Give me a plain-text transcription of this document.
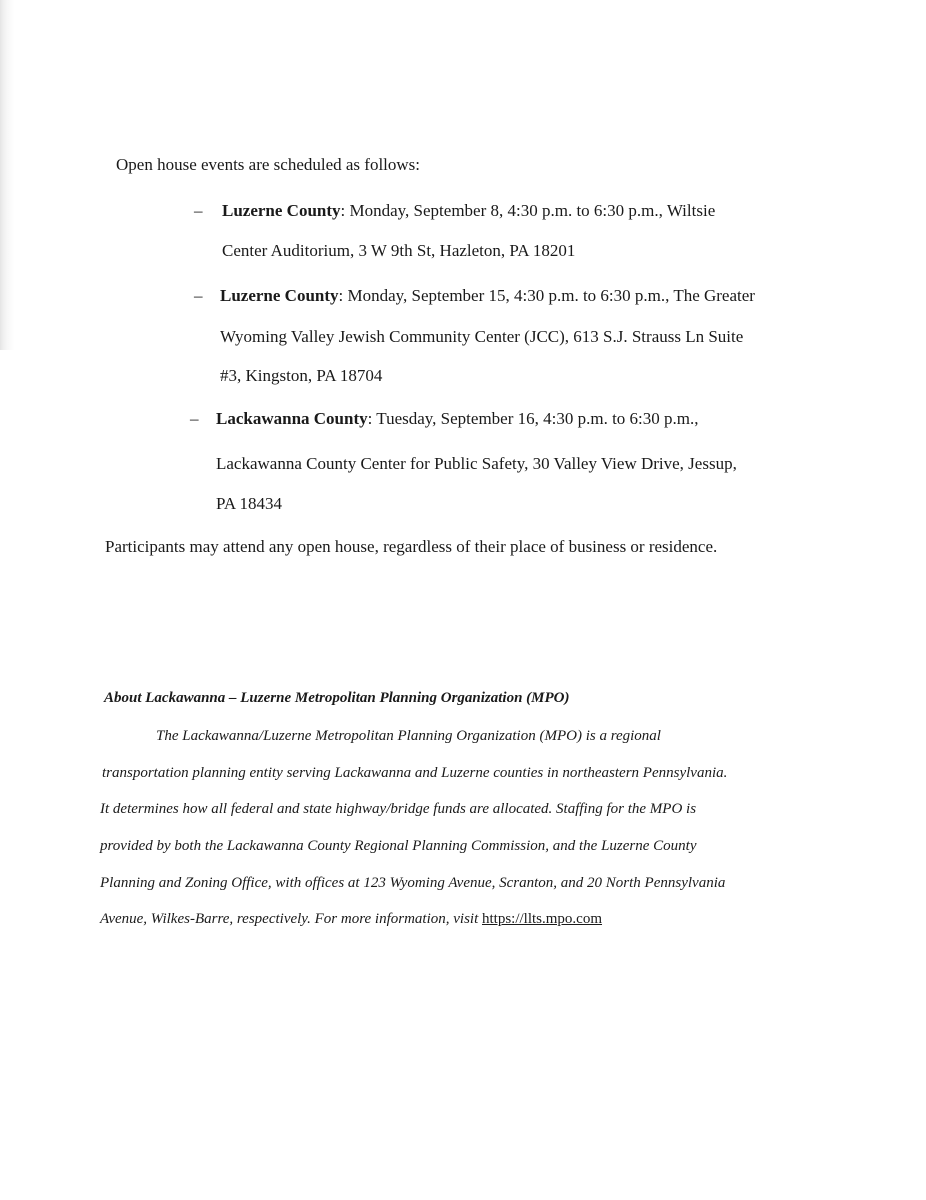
Open house events are scheduled as follows:
– Luzerne County: Monday, September 8, 4:30 p.m. to 6:30 p.m., Wiltsie
Center Auditorium, 3 W 9th St, Hazleton, PA 18201
– Luzerne County: Monday, September 15, 4:30 p.m. to 6:30 p.m., The Greater
Wyoming Valley Jewish Community Center (JCC), 613 S.J. Strauss Ln Suite
#3, Kingston, PA 18704
– Lackawanna County: Tuesday, September 16, 4:30 p.m. to 6:30 p.m.,
Lackawanna County Center for Public Safety, 30 Valley View Drive, Jessup,
PA 18434
Participants may attend any open house, regardless of their place of business or residence.
About Lackawanna – Luzerne Metropolitan Planning Organization (MPO)
The Lackawanna/Luzerne Metropolitan Planning Organization (MPO) is a regional
transportation planning entity serving Lackawanna and Luzerne counties in northeastern Pennsylvania.
It determines how all federal and state highway/bridge funds are allocated. Staffing for the MPO is
provided by both the Lackawanna County Regional Planning Commission, and the Luzerne County
Planning and Zoning Office, with offices at 123 Wyoming Avenue, Scranton, and 20 North Pennsylvania
Avenue, Wilkes-Barre, respectively. For more information, visit https://llts.mpo.com
